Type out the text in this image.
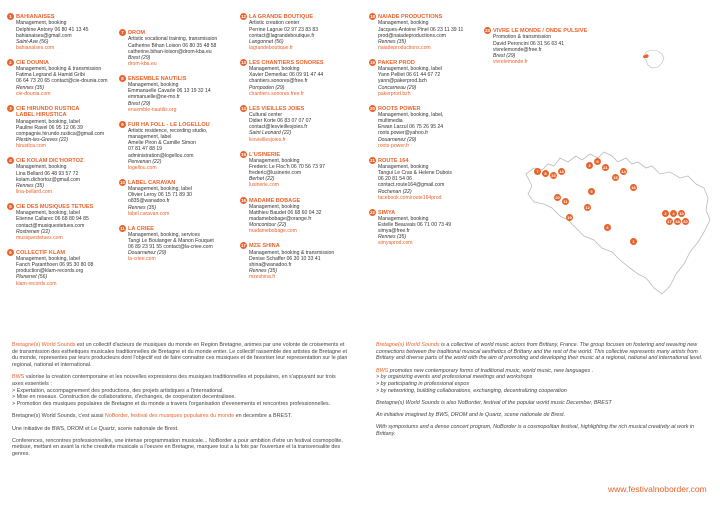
1 BAHIANAISES
Management, booking
Delphine Antony 06 80 41 13 45
bahianaises@gmail.com
Saint-Ave (56)
bahianaises.com
2 CIE DOUNIA
Management, booking & transmission
Fatima Legrand & Hamid Gribi
06 64 73 20 65 contact@cie-dounia.com
Rennes (35)
cie-dounia.com
3 CIE HIRUNDO RUSTICA
LABEL HIRUSTICA
Management, booking, label
Pauline Ravel 06 95 12 06 39
compagnie.hirundo.rustica@gmail.com
Plestin-les-Greves (22)
hirustica.com
4 CIE KOLAM DIC'HORTOZ
Management, booking
Lina Bellard 06 48 93 57 72
kolam.dichortoz@gmail.com
Rennes (35)
lina-bellard.com
5 CIE DES MUSIQUES TETUES
Management, booking, label
Etienne Callarec 06 68 80 94 85
contact@musiquestetues.com
Rostrenen (22)
musiquestetues.com
6 COLLECTIF KLAM
Management, booking, label
Fanch Paranthoen 06 95 30 80 08
production@klam-records.org
Plunerret (56)
klam-records.com
7 DROM
Artistic vocational training, transmission
Catherine Bihan Loison 06 80 35 48 58
catherine.bihan-loison@drom-kba.eu
Brest (29)
drom-kba.eu
8 ENSEMBLE NAUTILIS
Management, booking
Emmanuelle Cavarle 06 13 19 32 14
emmanuelle@ne-mo.fr
Brest (29)
ensemble-nautilis.org
9 FUR HA FOLL - LE LOGELLOU
Artistic residence, recording studio,
management, label
Amelie Piron & Camille Simon
07 81 47 88 19
administration@logellou.com
Penvenan (22)
logellou.com
10 LABEL CARAVAN
Management, booking, label
Olivier Leroy 06 15 71 89 30
o835@wanadoo.fr
Rennes (35)
label.caravan.com
11 LA CRIEE
Management, booking, services
Tangi Le Boulanger & Manon Fouquet
06 89 23 91 55 contact@la-criee.com
Douarnenez (29)
la-criee.com
12 LA GRANDE BOUTIQUE
Artistic creation center
Perrine Lagrue 02 97 23 83 83
contact@lagrandeboutique.fr
Langonnet (56)
lagrandeboutique.fr
13 LES CHANTIERS SONORES
Management, booking
Xavier Demerliac 06 09 91 47 44
chantiers.sonores@free.fr
Pornpoden (29)
chantiers.sonores.free.fr
14 LES VIEILLES JOIES
Cultural center
Didier Korte 06 83 07 07 07
contact@lesvieillesjoies.fr
Saint Leonard (22)
lesvieillesjoies.fr
15 L'USINERIE
Management, booking
Frederic Le Floc'h 06 70 56 73 97
frederic@lusinerie.com
Berhet (22)
lusinerie.com
16 MADAME BOBAGE
Management, booking
Matthieu Baudet 06 68 60 04 32
madamebobage@orange.fr
Moncontour (22)
madamebobage.com
17 MZE SHINA
Management, booking & transmission
Denise Schaffer 06 30 10 33 41
shina@wanadoo.fr
Rennes (35)
mzeshina.fr
18 NAIADE PRODUCTIONS
Management, booking
Jacques-Antoine Pinel 06 23 11 39 11
prod@naiadeproductions.com
Rennes (35)
naiadeproductions.com
19 PAKER PROD
Management, booking, label
Yann Pelliet 06 61 44 67 72
yann@pakerprod.bzh
Concarneau (29)
pakerprod.bzh
20 ROOTS POWER
Management, booking, label,
multimedia
Erwan Larzul 06 75 26 95 24
roots.power@yahoo.fr
Douarnenez (29)
roots-power.fr
21 ROUTE 164
Management, booking
Tangui Le Cras & Helene Dubois
06 20 81 54 06
contact.route164@gmail.com
Rochenan (22)
facebook.com/route164prod
22 SIMYA
Management, booking
Estelle Beauvais 06 71 00 73 49
simya@free.fr
Rennes (35)
simyaprod.com
23 VIVRE LE MONDE / ONDE PULSIVE
Promotion & transmission
David Peroncini 06 31 56 63 41
vivrelemonde@free.fr
Brest (29)
vivrelemonde.fr
7	8	23
13
20
11
19
9
3	21
5
12
15
14
16
6
1
2	4	10
17 18 22

Bretagne(s) World Sounds est un collectif d'acteurs de musiques du monde en Region Bretagne, animes par une volonte de croisements et de transmission des esthetiques musicales traditionnelles de Bretagne et du monde entier. Le collectif rassemble des artistes de Bretagne et du monde, representes par leurs producteurs dont l'objectif est de faire connaitre ces musiques et de favoriser leur representation sur le plan regional, national et international.

BWS valorise la creation contemporaine et les nouvelles expressions des musiques traditionnelles et populaires, en s'appuyant sur trois axes essentiels :
> Expertation, accompagnement des productions, des projets artistiques a l'international.
> Mise en reseaux. Construction de collaborations, d'echanges, de cooperation decentralisee.
> Promotion des musiques populaires de Bretagne et du monde a travers l'organisation d'evenements et rencontres professionnelles.

Bretagne(s) World Sounds, c'est aussi NoBorder, festival des musiques populaires du monde en decembre a BREST.

Une initiative de BWS, DROM et Le Quartz, scene nationale de Brest.

Conferences, rencontres professionnelles, une intense programmation musicale... NoBorder a pour ambition d'etre un festival cosmopolite, metisse, mettant en avant la riche creativite musicale a l'oeuvre en Bretagne, marquee tout a la fois par l'ouverture et la transversalite des genres.

Bretagne(s) World Sounds is a collective of world music actors from Brittany, France. The group focuses on fostering and weaving new connections between the traditional musical aesthetics of Brittany and the rest of the world. This collective represents many artists from Brittany and diverse parts of the world with the aim of promoting and developing their music at a regional, national and international level.

BWS promotes new contemporary forms of traditional music, world music, new languages .
> by organizing events and professional meetings and workshops
> by participating in professional expos
> by networking, building collaborations, exchanging, decentralizing cooperation

Bretagne(s) World Sounds is also NoBorder, festival of the popular world music December, BREST

An initiative imagined by BWS, DROM and le Quartz, scene nationale de Brest.

With symposiums and a dense concert program, NoBorder is a cosmopolitan festival, highlighting the rich musical creativity at work in Brittany.

www.festivalnoborder.com
